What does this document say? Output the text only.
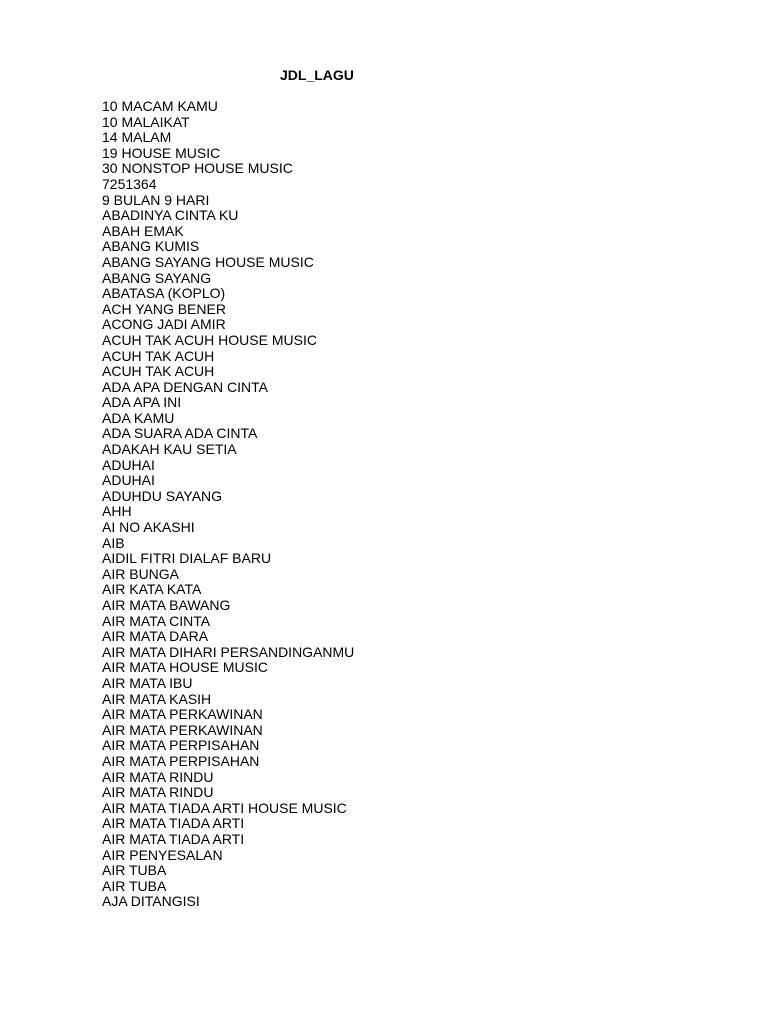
JDL_LAGU
10 MACAM KAMU
10 MALAIKAT
14 MALAM
19 HOUSE MUSIC
30 NONSTOP HOUSE MUSIC
7251364
9 BULAN 9 HARI
ABADINYA CINTA KU
ABAH EMAK
ABANG KUMIS
ABANG SAYANG HOUSE MUSIC
ABANG SAYANG
ABATASA (KOPLO)
ACH YANG BENER
ACONG JADI AMIR
ACUH TAK ACUH HOUSE MUSIC
ACUH TAK ACUH
ACUH TAK ACUH
ADA APA DENGAN CINTA
ADA APA INI
ADA KAMU
ADA SUARA ADA CINTA
ADAKAH KAU SETIA
ADUHAI
ADUHAI
ADUHDU SAYANG
AHH
AI NO AKASHI
AIB
AIDIL FITRI DIALAF BARU
AIR BUNGA
AIR KATA KATA
AIR MATA BAWANG
AIR MATA CINTA
AIR MATA DARA
AIR MATA DIHARI PERSANDINGANMU
AIR MATA HOUSE MUSIC
AIR MATA IBU
AIR MATA KASIH
AIR MATA PERKAWINAN
AIR MATA PERKAWINAN
AIR MATA PERPISAHAN
AIR MATA PERPISAHAN
AIR MATA RINDU
AIR MATA RINDU
AIR MATA TIADA ARTI HOUSE MUSIC
AIR MATA TIADA ARTI
AIR MATA TIADA ARTI
AIR PENYESALAN
AIR TUBA
AIR TUBA
AJA DITANGISI
